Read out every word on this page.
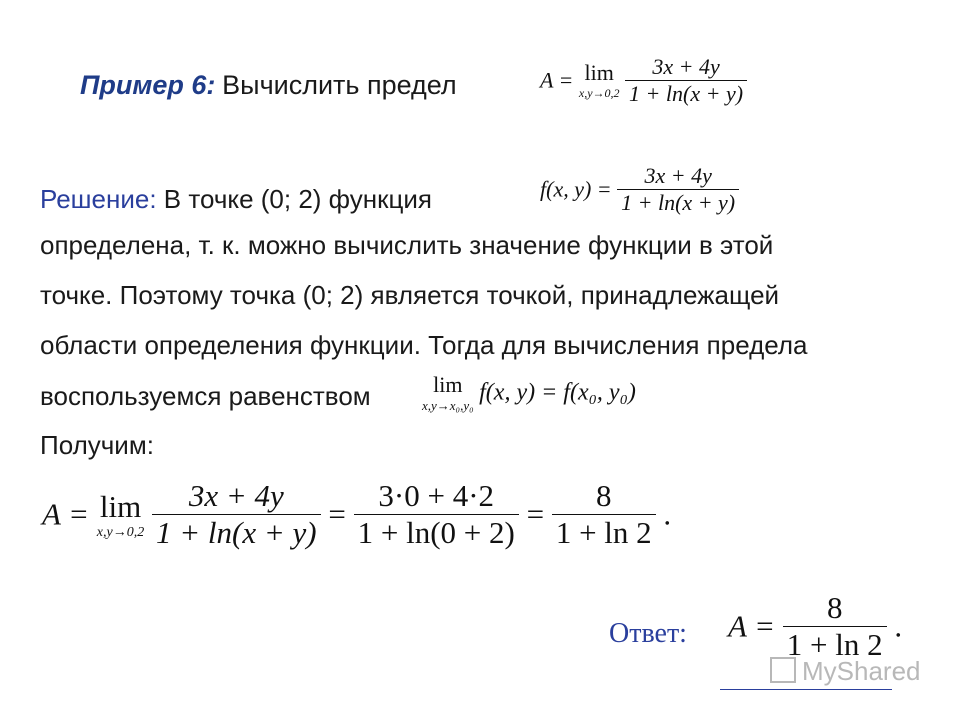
Пример 6: Вычислить предел	A = lim
x,y→0,2
$\frac{3x + 4y}{1 + \ln(x + y)}$
Решение: В точке (0; 2) функция	f(x, $y) = \frac{3x + 4y}{1 + \ln(x + y)}$
определена, т. к. можно вычислить значение функции в этой
точке. Поэтому точка (0; 2) является точкой, принадлежащей
области определения функции. Тогда для вычисления предела
воспользуемся равенством	lim
x,y→x₀,y₀ f(x, y) = f(x₀, y₀)
Получим:
A = lim
x,y→0,2
$\frac{3x + 4y}{1 + \ln(x + y)} = \frac{3\cdot 0 + 4\cdot 2}{1 + \ln(0 + 2)} = \frac{8}{1 + \ln 2}$ .
Ответ: $A = \frac{8}{1 + \ln 2}$ .
MyShared
